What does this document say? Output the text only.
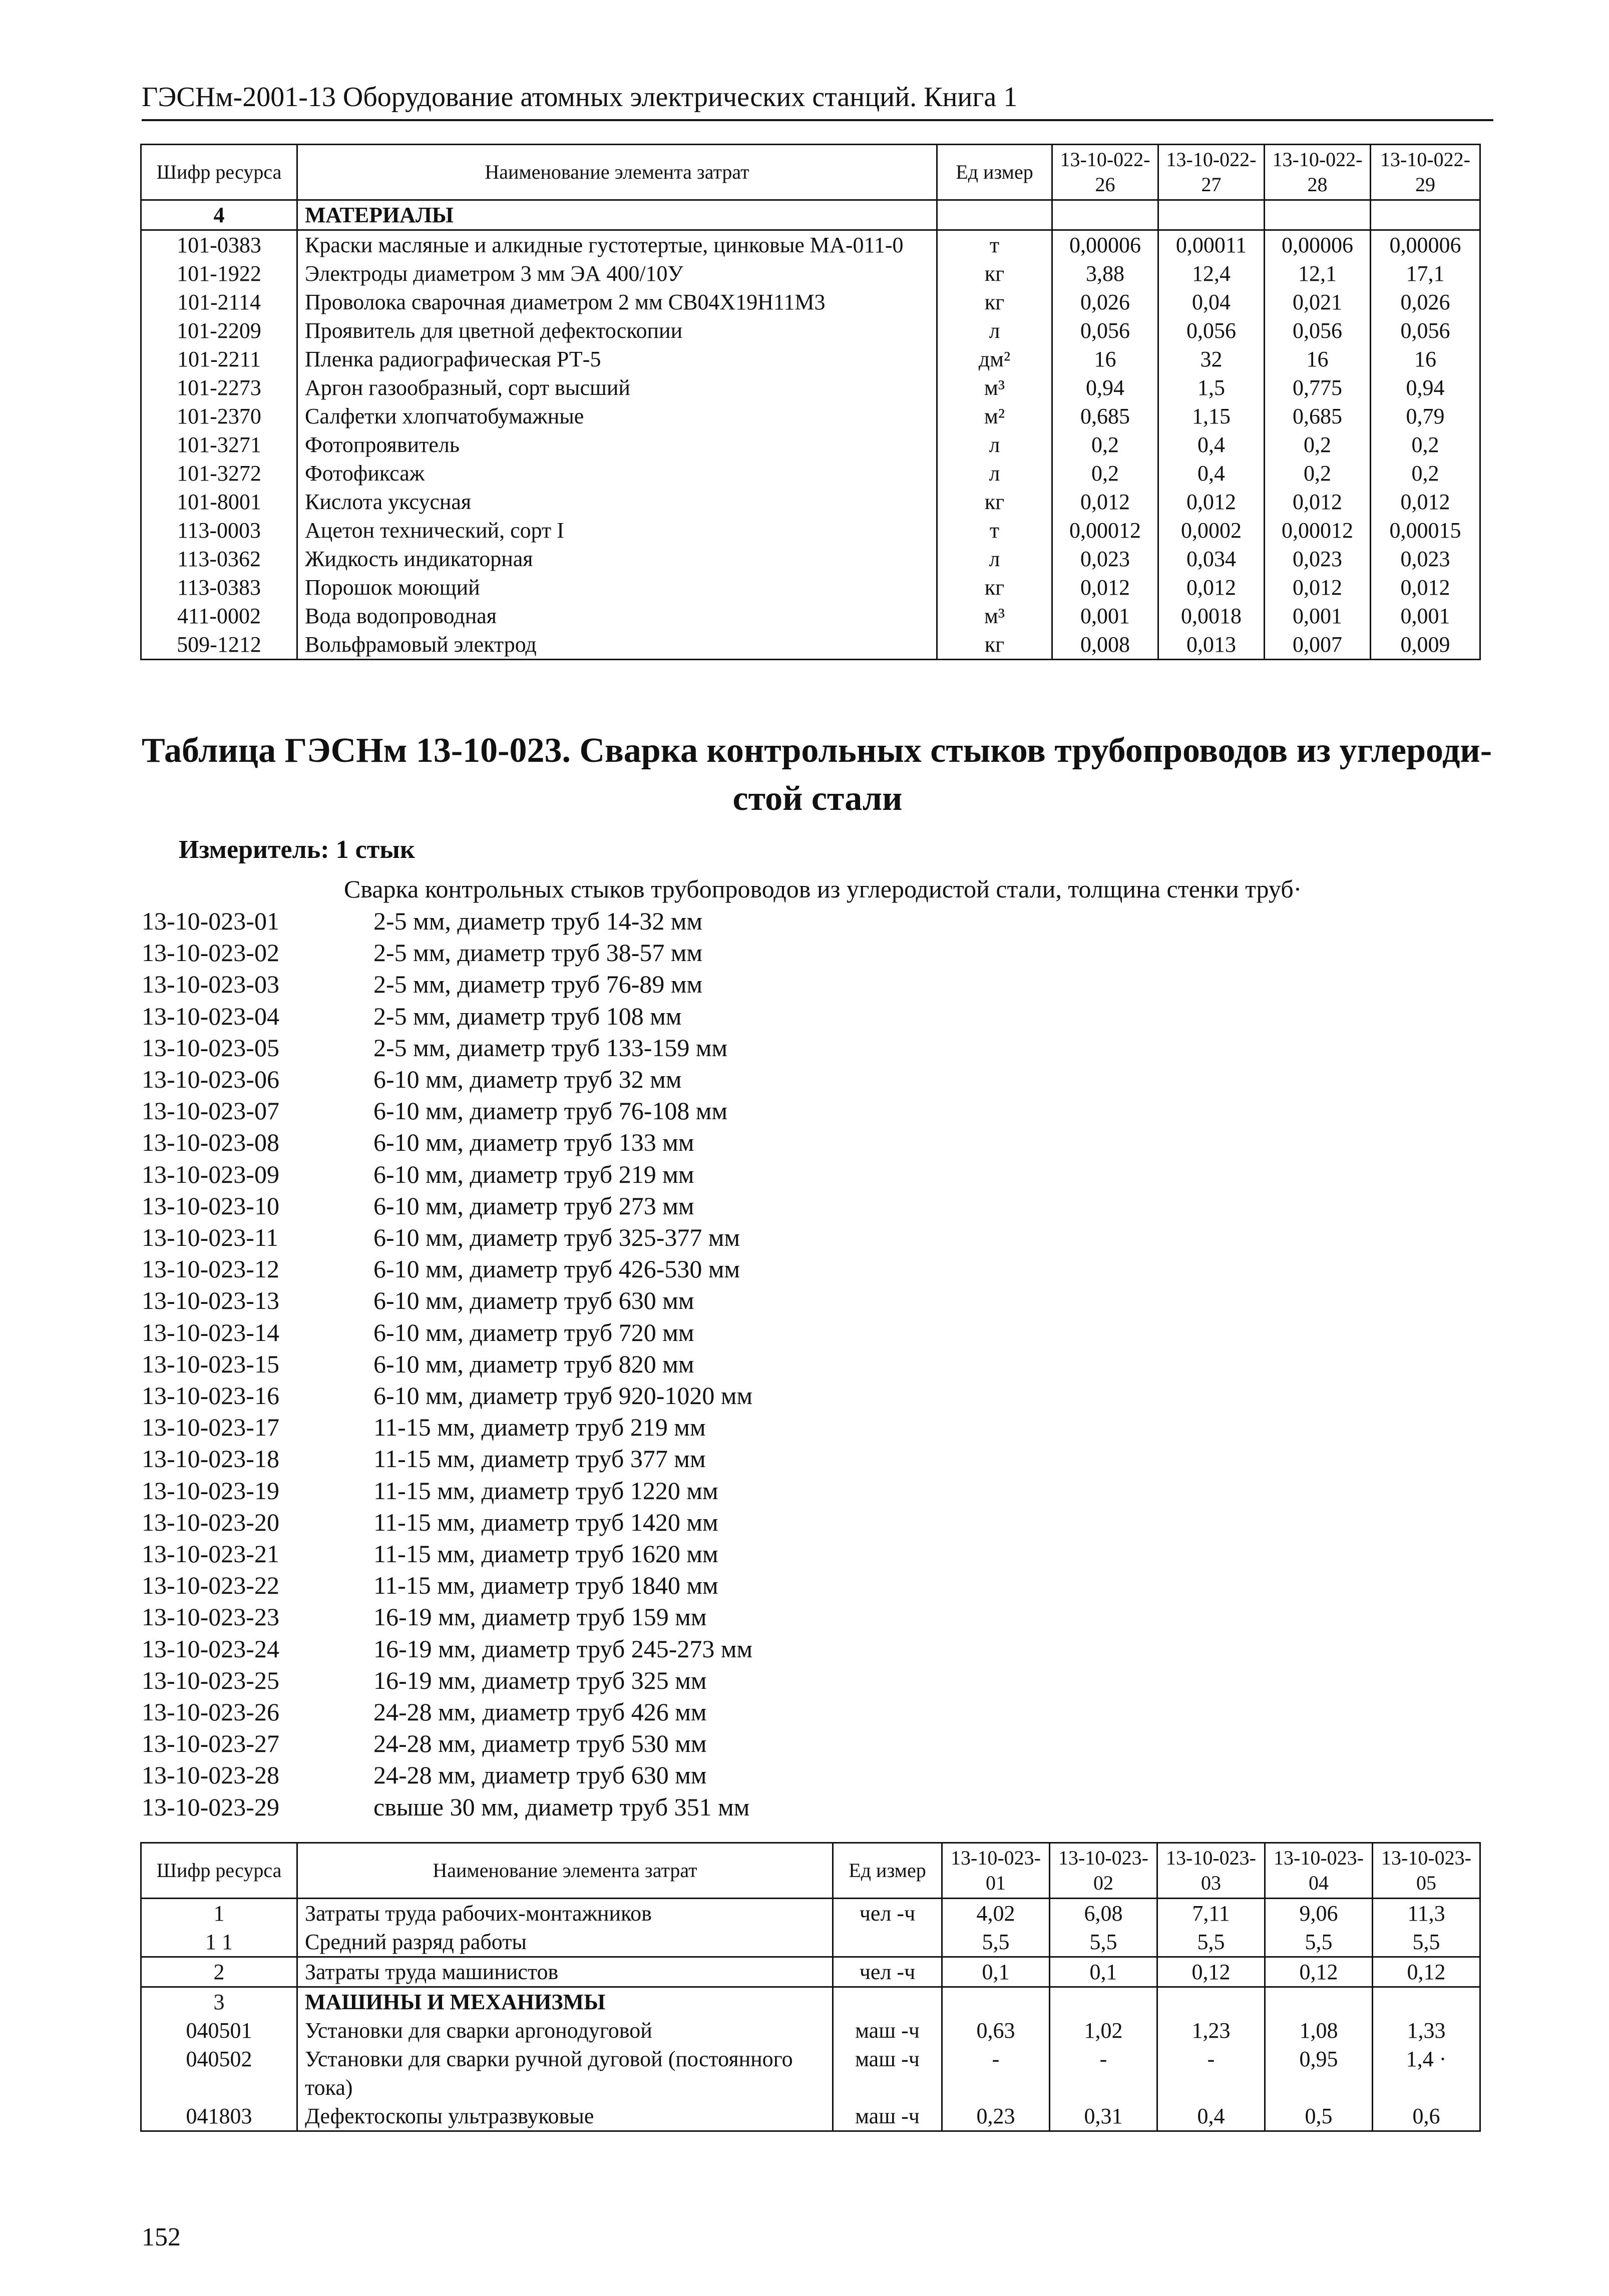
ГЭСНм-2001-13 Оборудование атомных электрических станций. Книга 1
Шифр ресурса	Наименование элемента затрат	Ед измер	13-10-022-26	13-10-022-27	13-10-022-28	13-10-022-29
4	МАТЕРИАЛЫ					
101-0383	Краски масляные и алкидные густотертые, цинковые МА-011-0	т	0,00006	0,00011	0,00006	0,00006
101-1922	Электроды диаметром 3 мм ЭА 400/10У	кг	3,88	12,4	12,1	17,1
101-2114	Проволока сварочная диаметром 2 мм СВ04Х19Н11М3	кг	0,026	0,04	0,021	0,026
101-2209	Проявитель для цветной дефектоскопии	л	0,056	0,056	0,056	0,056
101-2211	Пленка радиографическая РТ-5	дм²	16	32	16	16
101-2273	Аргон газообразный, сорт высший	м³	0,94	1,5	0,775	0,94
101-2370	Салфетки хлопчатобумажные	м²	0,685	1,15	0,685	0,79
101-3271	Фотопроявитель	л	0,2	0,4	0,2	0,2
101-3272	Фотофиксаж	л	0,2	0,4	0,2	0,2
101-8001	Кислота уксусная	кг	0,012	0,012	0,012	0,012
113-0003	Ацетон технический, сорт I	т	0,00012	0,0002	0,00012	0,00015
113-0362	Жидкость индикаторная	л	0,023	0,034	0,023	0,023
113-0383	Порошок моющий	кг	0,012	0,012	0,012	0,012
411-0002	Вода водопроводная	м³	0,001	0,0018	0,001	0,001
509-1212	Вольфрамовый электрод	кг	0,008	0,013	0,007	0,009
Таблица ГЭСНм 13-10-023. Сварка контрольных стыков трубопроводов из углероди-
стой стали
Измеритель: 1 стык
Сварка контрольных стыков трубопроводов из углеродистой стали, толщина стенки труб·
13-10-023-01	2-5 мм, диаметр труб 14-32 мм
13-10-023-02	2-5 мм, диаметр труб 38-57 мм
13-10-023-03	2-5 мм, диаметр труб 76-89 мм
13-10-023-04	2-5 мм, диаметр труб 108 мм
13-10-023-05	2-5 мм, диаметр труб 133-159 мм
13-10-023-06	6-10 мм, диаметр труб 32 мм
13-10-023-07	6-10 мм, диаметр труб 76-108 мм
13-10-023-08	6-10 мм, диаметр труб 133 мм
13-10-023-09	6-10 мм, диаметр труб 219 мм
13-10-023-10	6-10 мм, диаметр труб 273 мм
13-10-023-11	6-10 мм, диаметр труб 325-377 мм
13-10-023-12	6-10 мм, диаметр труб 426-530 мм
13-10-023-13	6-10 мм, диаметр труб 630 мм
13-10-023-14	6-10 мм, диаметр труб 720 мм
13-10-023-15	6-10 мм, диаметр труб 820 мм
13-10-023-16	6-10 мм, диаметр труб 920-1020 мм
13-10-023-17	11-15 мм, диаметр труб 219 мм
13-10-023-18	11-15 мм, диаметр труб 377 мм
13-10-023-19	11-15 мм, диаметр труб 1220 мм
13-10-023-20	11-15 мм, диаметр труб 1420 мм
13-10-023-21	11-15 мм, диаметр труб 1620 мм
13-10-023-22	11-15 мм, диаметр труб 1840 мм
13-10-023-23	16-19 мм, диаметр труб 159 мм
13-10-023-24	16-19 мм, диаметр труб 245-273 мм
13-10-023-25	16-19 мм, диаметр труб 325 мм
13-10-023-26	24-28 мм, диаметр труб 426 мм
13-10-023-27	24-28 мм, диаметр труб 530 мм
13-10-023-28	24-28 мм, диаметр труб 630 мм
13-10-023-29	свыше 30 мм, диаметр труб 351 мм
Шифр ресурса	Наименование элемента затрат	Ед измер	13-10-023-01	13-10-023-02	13-10-023-03	13-10-023-04	13-10-023-05
1	Затраты труда рабочих-монтажников	чел -ч	4,02	6,08	7,11	9,06	11,3
1 1	Средний разряд работы		5,5	5,5	5,5	5,5	5,5
2	Затраты труда машинистов	чел -ч	0,1	0,1	0,12	0,12	0,12
3	МАШИНЫ И МЕХАНИЗМЫ						
040501	Установки для сварки аргонодуговой	маш -ч	0,63	1,02	1,23	1,08	1,33
040502	Установки для сварки ручной дуговой (постоянного тока)	маш -ч	-	-	-	0,95	1,4 ·
041803	Дефектоскопы ультразвуковые	маш -ч	0,23	0,31	0,4	0,5	0,6
152
